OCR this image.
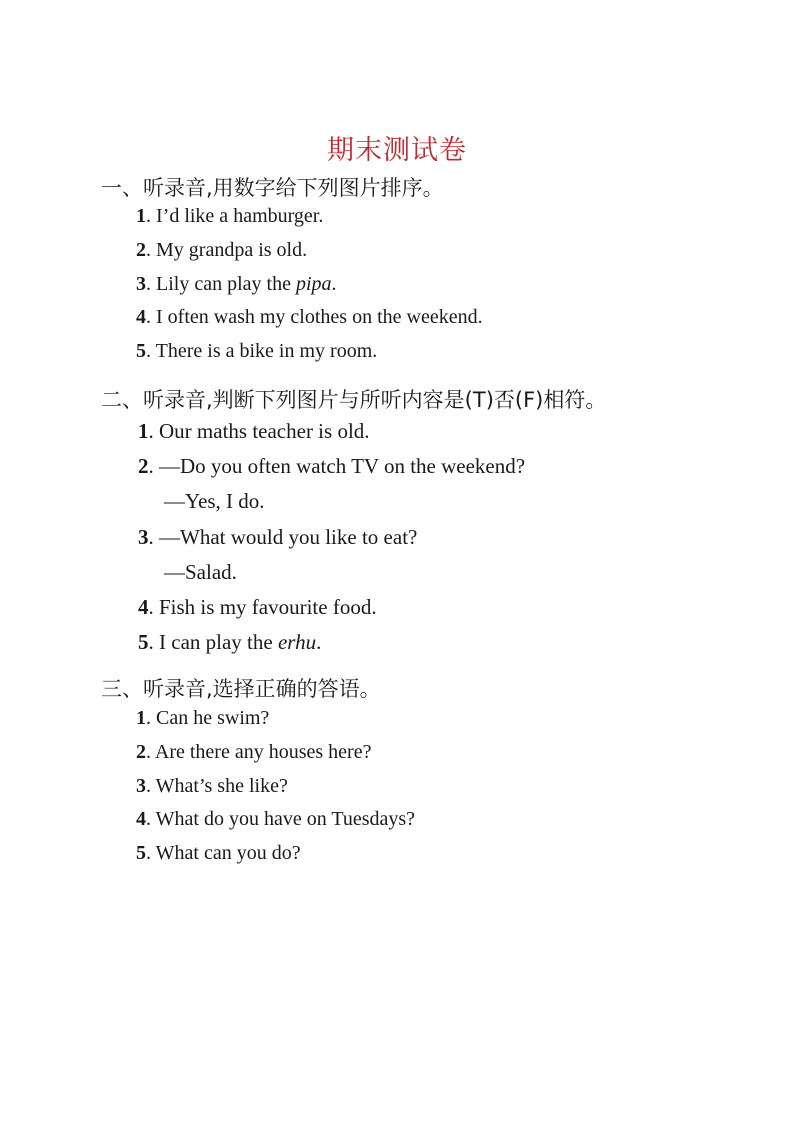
期末测试卷
一、听录音,用数字给下列图片排序。
1. I’d like a hamburger.
2. My grandpa is old.
3. Lily can play the pipa.
4. I often wash my clothes on the weekend.
5. There is a bike in my room.
二、听录音,判断下列图片与所听内容是(T)否(F)相符。
1. Our maths teacher is old.
2. —Do you often watch TV on the weekend?
—Yes, I do.
3. —What would you like to eat?
—Salad.
4. Fish is my favourite food.
5. I can play the erhu.
三、听录音,选择正确的答语。
1. Can he swim?
2. Are there any houses here?
3. What’s she like?
4. What do you have on Tuesdays?
5. What can you do?
